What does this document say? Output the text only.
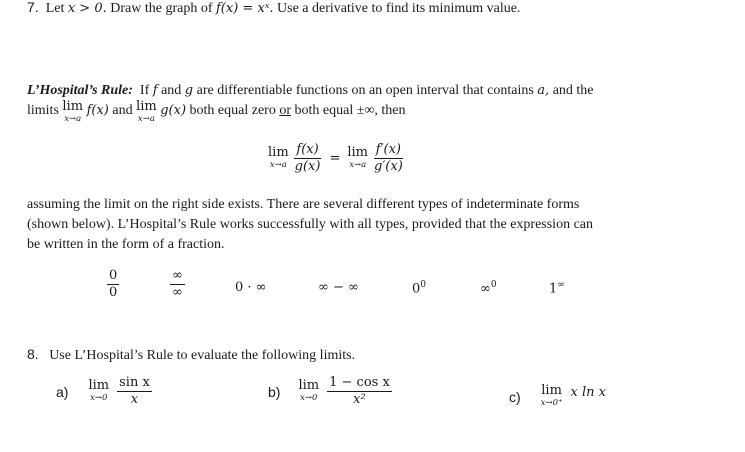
7. Let x > 0. Draw the graph of f(x) = xˣ. Use a derivative to find its minimum value.
L’Hospital’s Rule: If f and g are differentiable functions on an open interval that contains a, and the
limits lim
x→a
f(x) and lim
x→a
g(x) both equal zero or both equal ±∞, then
lim
$x\to a \frac{f(x)}{g(x)} = \lim$
$x\to a \frac{f'(x)}{g'(x)}$
assuming the limit on the right side exists. There are several different types of indeterminate forms
(shown below). L’Hospital’s Rule works successfully with all types, provided that the expression can
be written in the form of a fraction.
$\frac{0}{0}$	$\frac{\infty}{\infty}$	0 · ∞	∞ − ∞	$0^0$	∞$^0$	1∞
8. Use L’Hospital’s Rule to evaluate the following limits.
a) lim
$x\to 0 \frac{\text{sin x}}{x}$	b) lim
$x\to 0 \frac{\text{1 − cos x}}{\text{x²}}$	c) lim
x→0⁺
x ln x
